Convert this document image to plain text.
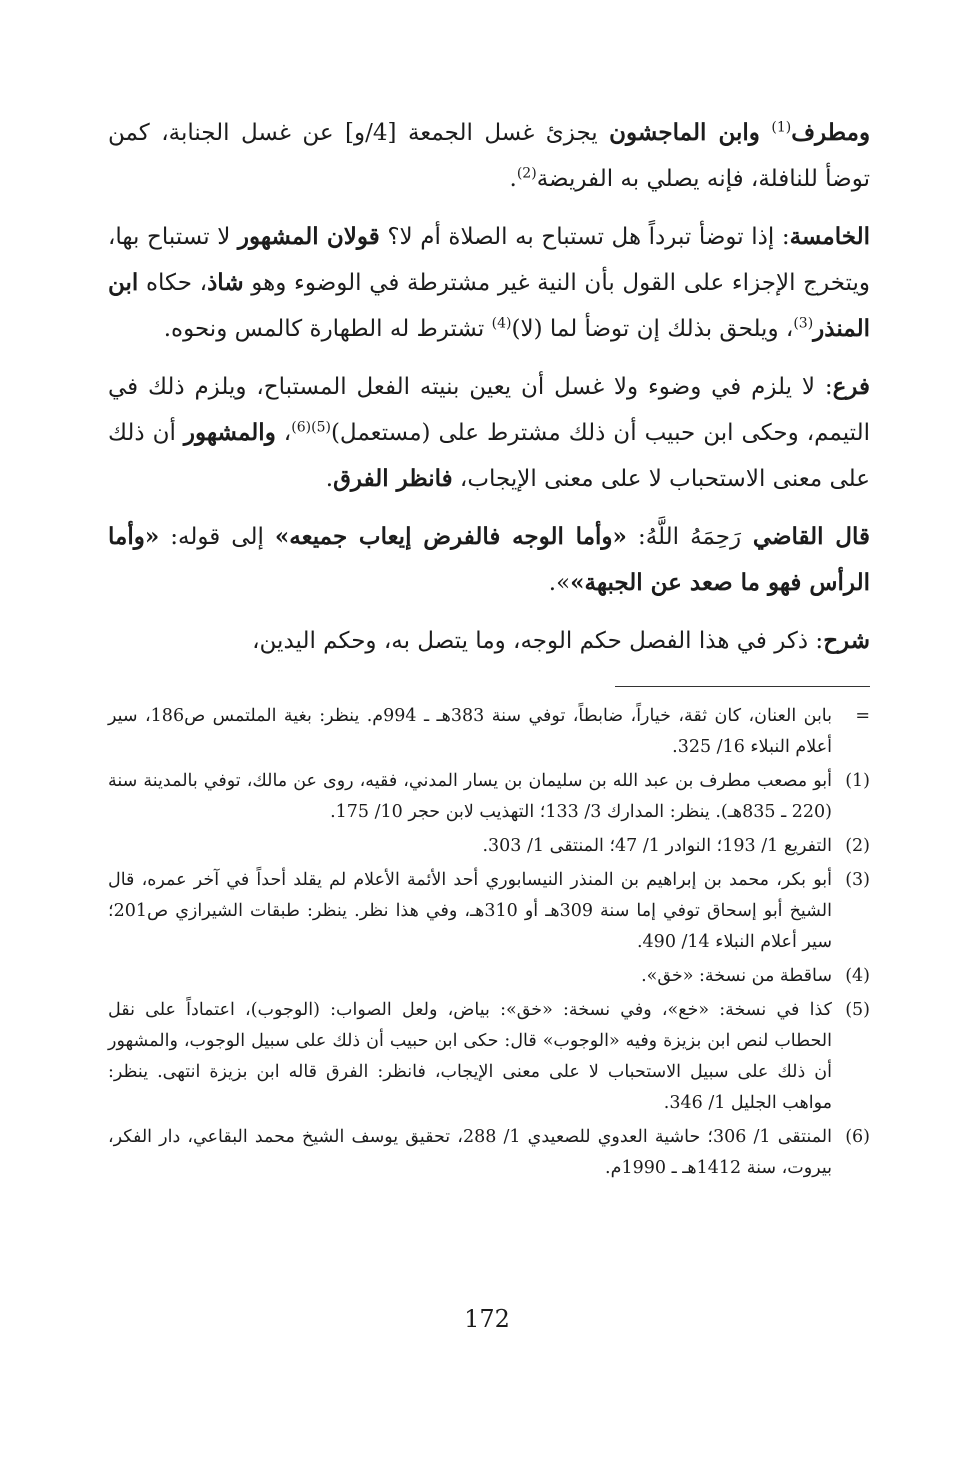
ومطرف$^{(1)}$ وابن الماجشون يجزئ غسل الجمعة [4/و] عن غسل الجنابة، كمن توضأ للنافلة، فإنه يصلي به الفريضة$^{(2)}$.

الخامسة: إذا توضأ تبرداً هل تستباح به الصلاة أم لا؟ قولان المشهور لا تستباح بها، ويتخرج الإجزاء على القول بأن النية غير مشترطة في الوضوء وهو شاذ، حكاه ابن المنذر$^{(3)}$، ويلحق بذلك إن توضأ لما (لا)$^{(4)}$ تشترط له الطهارة كالمس ونحوه.

فرع: لا يلزم في وضوء ولا غسل أن يعين بنيته الفعل المستباح، ويلزم ذلك في التيمم، وحكى ابن حبيب أن ذلك مشترط على (مستعمل)$^{(5)(6)}$، والمشهور أن ذلك على معنى الاستحباب لا على معنى الإيجاب، فانظر الفرق.

قال القاضي رَحِمَهُ اللَّهُ: «وأما الوجه فالفرض إيعاب جميعه» إلى قوله: «وأما الرأس فهو ما صعد عن الجبهة»».

شرح: ذكر في هذا الفصل حكم الوجه، وما يتصل به، وحكم اليدين،

=
بابن العنان، كان ثقة، خياراً، ضابطاً، توفي سنة 383هـ ـ 994م. ينظر: بغية الملتمس ص186، سير أعلام النبلاء 16/ 325.
(1)
أبو مصعب مطرف بن عبد الله بن سليمان بن يسار المدني، فقيه، روى عن مالك، توفي بالمدينة سنة (220 ـ 835هـ). ينظر: المدارك 3/ 133؛ التهذيب لابن حجر 10/ 175.
(2)
التفريع 1/ 193؛ النوادر 1/ 47؛ المنتقى 1/ 303.
(3)
أبو بكر، محمد بن إبراهيم بن المنذر النيسابوري أحد الأئمة الأعلام لم يقلد أحداً في آخر عمره، قال الشيخ أبو إسحاق توفي إما سنة 309هـ أو 310هـ، وفي هذا نظر. ينظر: طبقات الشيرازي ص201؛ سير أعلام النبلاء 14/ 490.
(4)
ساقطة من نسخة: «خق».
(5)
كذا في نسخة: «خع»، وفي نسخة: «خق»: بياض، ولعل الصواب: (الوجوب)، اعتماداً على نقل الحطاب لنص ابن بزيزة وفيه «الوجوب» قال: حكى ابن حبيب أن ذلك على سبيل الوجوب، والمشهور أن ذلك على سبيل الاستحباب لا على معنى الإيجاب، فانظر: الفرق قاله ابن بزيزة انتهى. ينظر: مواهب الجليل 1/ 346.
(6)
المنتقى 1/ 306؛ حاشية العدوي للصعيدي 1/ 288، تحقيق يوسف الشيخ محمد البقاعي، دار الفكر، بيروت، سنة 1412هـ ـ 1990م.
172
